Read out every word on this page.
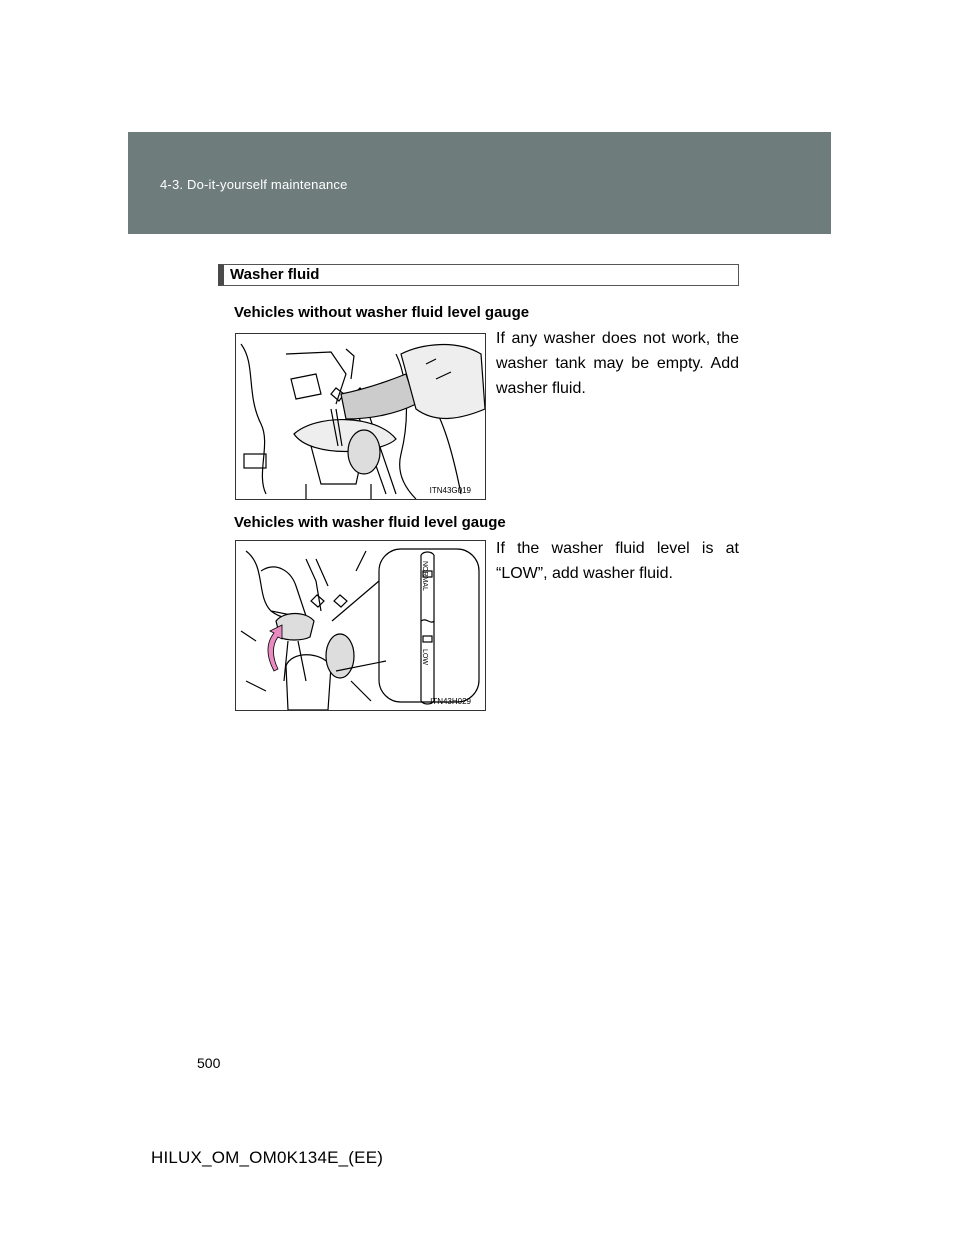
4-3. Do-it-yourself maintenance
Washer fluid
Vehicles without washer fluid level gauge
ITN43G019
If any washer does not work, the washer tank may be empty. Add washer fluid.
Vehicles with washer fluid level gauge
NORMAL
LOW
ITN43H029
If the washer fluid level is at “LOW”, add washer fluid.
500
HILUX_OM_OM0K134E_(EE)
